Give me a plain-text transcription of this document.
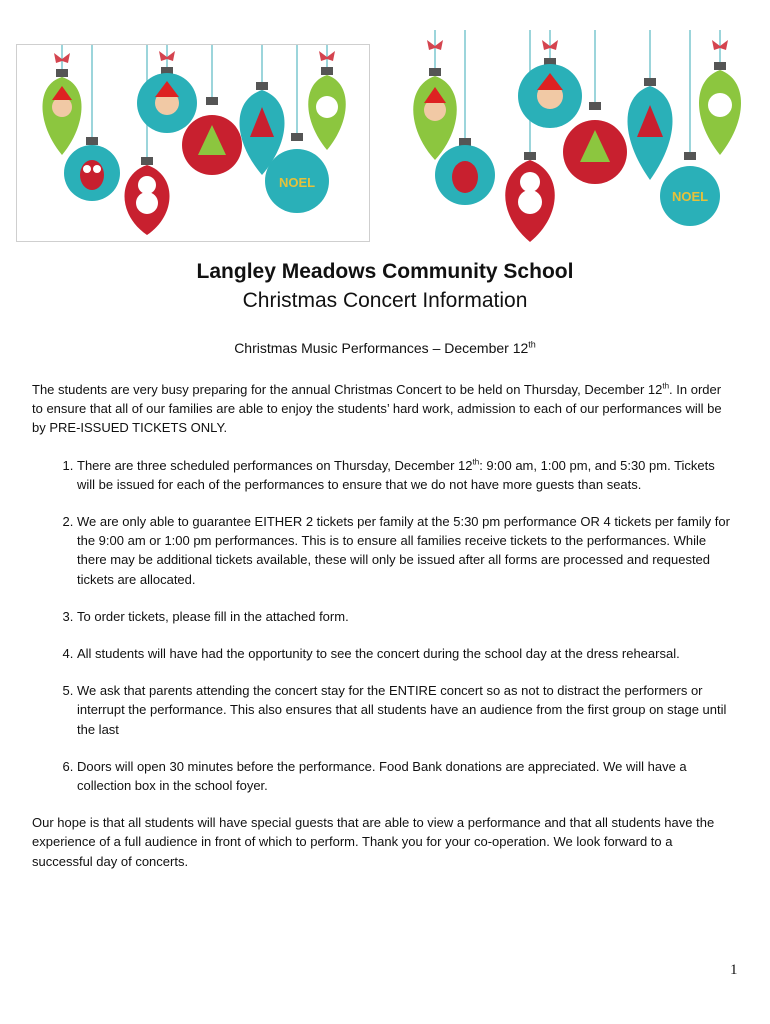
NOEL
NOEL

Langley Meadows Community School

Christmas Concert Information

Christmas Music Performances – December 12th

The students are very busy preparing for the annual Christmas Concert to be held on Thursday, December 12th. In order to ensure that all of our families are able to enjoy the students’ hard work, admission to each of our performances will be by PRE-ISSUED TICKETS ONLY.

1. There are three scheduled performances on Thursday, December 12th: 9:00 am, 1:00 pm, and 5:30 pm. Tickets will be issued for each of the performances to ensure that we do not have more guests than seats.
2. We are only able to guarantee EITHER 2 tickets per family at the 5:30 pm performance OR 4 tickets per family for the 9:00 am or 1:00 pm performances. This is to ensure all families receive tickets to the performances. While there may be additional tickets available, these will only be issued after all forms are processed and requested tickets are allocated.
3. To order tickets, please fill in the attached form.
4. All students will have had the opportunity to see the concert during the school day at the dress rehearsal.
5. We ask that parents attending the concert stay for the ENTIRE concert so as not to distract the performers or interrupt the performance. This also ensures that all students have an audience from the first group on stage until the last
6. Doors will open 30 minutes before the performance. Food Bank donations are appreciated. We will have a collection box in the school foyer.

Our hope is that all students will have special guests that are able to view a performance and that all students have the experience of a full audience in front of which to perform. Thank you for your co-operation. We look forward to a successful day of concerts.

1
